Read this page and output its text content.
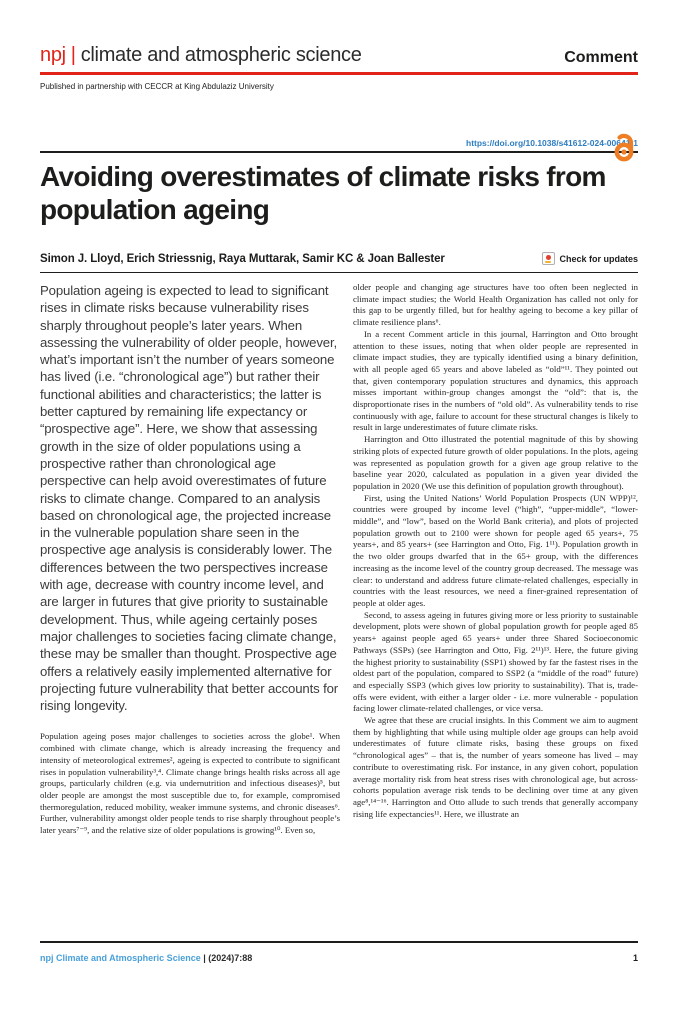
npj | climate and atmospheric science	Comment
Published in partnership with CECCR at King Abdulaziz University
https://doi.org/10.1038/s41612-024-00641-1
Avoiding overestimates of climate risks from population ageing
Simon J. Lloyd, Erich Striessnig, Raya Muttarak, Samir KC & Joan Ballester	Check for updates

Population ageing is expected to lead to significant rises in climate risks because vulnerability rises sharply throughout people’s later years. When assessing the vulnerability of older people, however, what’s important isn’t the number of years someone has lived (i.e. “chronological age”) but rather their functional abilities and characteristics; the latter is better captured by remaining life expectancy or “prospective age”. Here, we show that assessing growth in the size of older populations using a prospective rather than chronological age perspective can help avoid overestimates of future risks to climate change. Compared to an analysis based on chronological age, the projected increase in the vulnerable population share seen in the prospective age analysis is considerably lower. The differences between the two perspectives increase with age, decrease with country income level, and are larger in futures that give priority to sustainable development. Thus, while ageing certainly poses major challenges to societies facing climate change, these may be smaller than thought. Prospective age offers a relatively easily implemented alternative for projecting future vulnerability that better accounts for rising longevity.

Population ageing poses major challenges to societies across the globe¹. When combined with climate change, which is already increasing the frequency and intensity of meteorological extremes², ageing is expected to contribute to significant rises in population vulnerability³,⁴. Climate change brings health risks across all age groups, particularly children (e.g. via undernutrition and infectious diseases)⁵, but older people are amongst the most susceptible due to, for example, compromised thermoregulation, reduced mobility, weaker immune systems, and chronic diseases⁶. Further, vulnerability amongst older people tends to rise sharply throughout people’s later years⁷⁻⁹, and the relative size of older populations is growing¹⁰. Even so,

older people and changing age structures have too often been neglected in climate impact studies; the World Health Organization has called not only for this gap to be urgently filled, but for healthy ageing to become a key pillar of climate resilience plans⁶.

In a recent Comment article in this journal, Harrington and Otto brought attention to these issues, noting that when older people are represented in climate impact studies, they are typically identified using a binary definition, with all people aged 65 years and above labeled as “old”¹¹. They pointed out that, given contemporary population structures and dynamics, this approach misses important within-group changes amongst the “old”: that is, the disproportionate rises in the numbers of “old old”. As vulnerability tends to rise continuously with age, failure to account for these structural changes is likely to result in large underestimates of future climate risks.

Harrington and Otto illustrated the potential magnitude of this by showing striking plots of expected future growth of older populations. In the plots, ageing was represented as population growth for a given age group relative to the baseline year 2020, calculated as population in a given year divided the population in 2020 (We use this definition of population growth throughout).

First, using the United Nations’ World Population Prospects (UN WPP)¹², countries were grouped by income level (“high”, “upper-middle”, “lower-middle”, and “low”, based on the World Bank criteria), and plots of projected population growth out to 2100 were shown for people aged 65 years+, 75 years+, and 85 years+ (see Harrington and Otto, Fig. 1¹¹). Population growth in the two older groups dwarfed that in the 65+ group, with the differences increasing as the income level of the country group decreased. The message was clear: to understand and address future climate-related challenges, especially in countries with the least resources, we need a finer-grained representation of people at older ages.

Second, to assess ageing in futures giving more or less priority to sustainable development, plots were shown of global population growth for people aged 85 years+ against people aged 65 years+ under three Shared Socioeconomic Pathways (SSPs) (see Harrington and Otto, Fig. 2¹¹)¹³. Here, the future giving the highest priority to sustainability (SSP1) showed by far the fastest rises in the oldest part of the population, compared to SSP2 (a “middle of the road” future) and especially SSP3 (which gives low priority to sustainability). That is, trade-offs were evident, with either a larger older - i.e. more vulnerable - population facing lower climate-related challenges, or vice versa.

We agree that these are crucial insights. In this Comment we aim to augment them by highlighting that while using multiple older age groups can help avoid underestimates of future climate risks, basing these groups on fixed “chronological ages” – that is, the number of years someone has lived – may contribute to overestimating risk. For instance, in any given cohort, population average mortality risk from heat stress rises with chronological age, but across-cohorts population average risk tends to be declining over time at any given age⁸,¹⁴⁻¹⁶. Harrington and Otto allude to such trends that generally accompany rising life expectancies¹¹. Here, we illustrate an

npj Climate and Atmospheric Science | (2024)7:88	1
